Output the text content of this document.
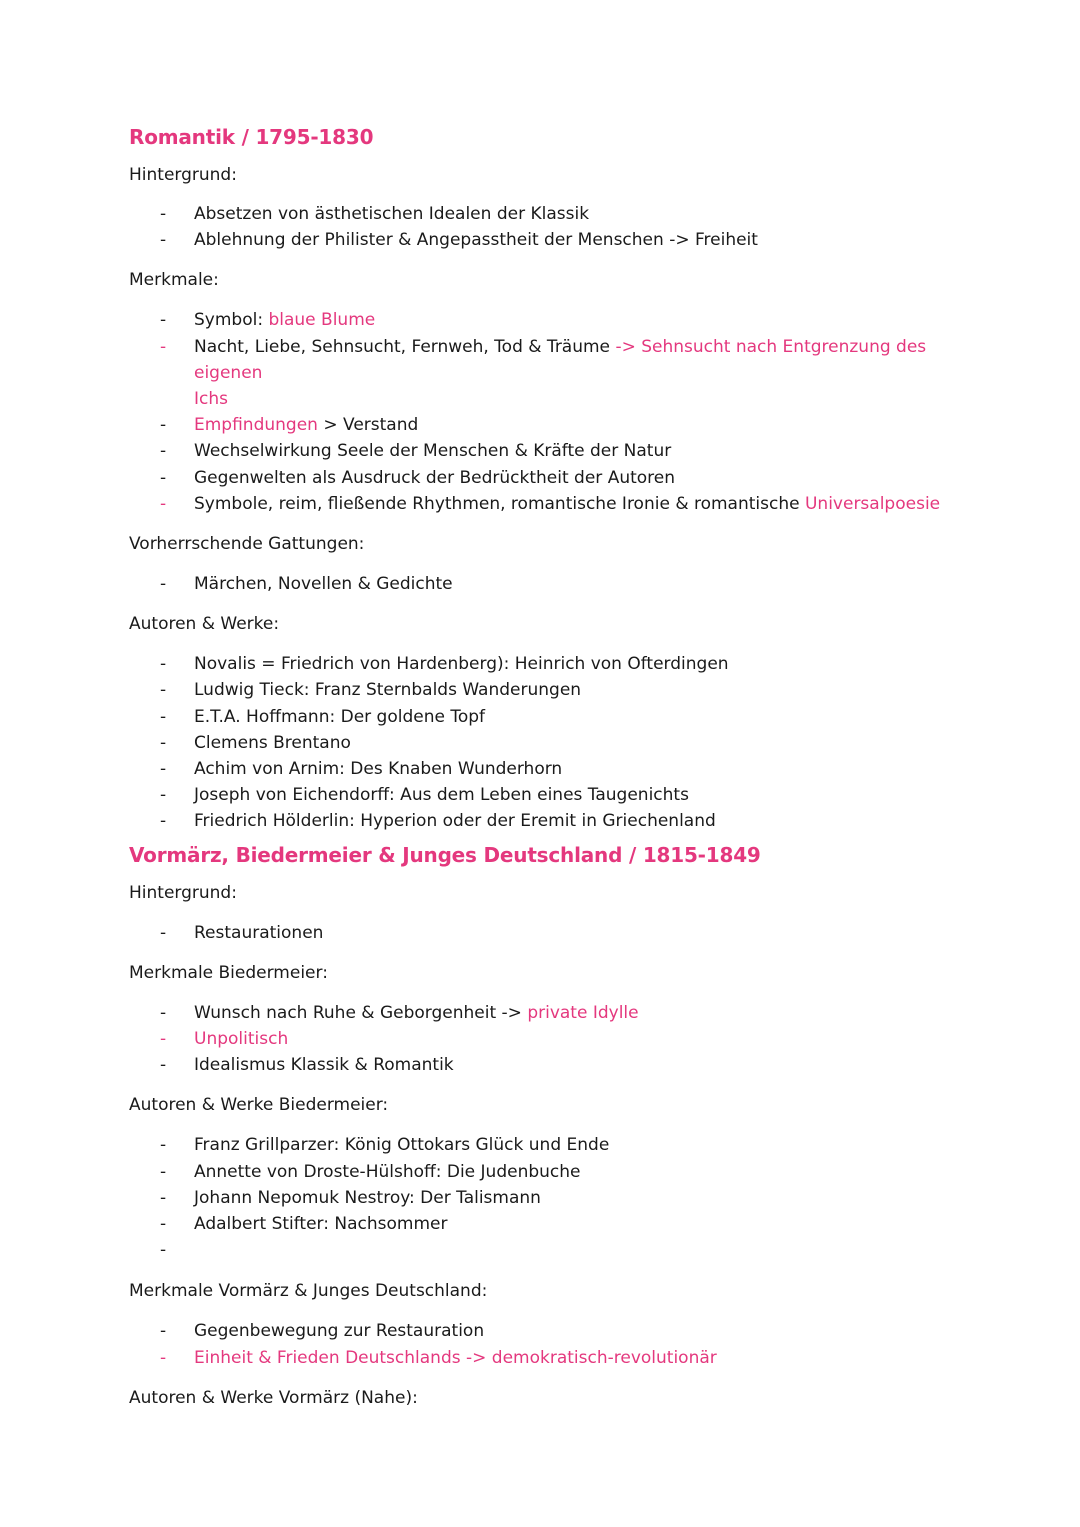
Romantik / 1795-1830

Hintergrund:

-	Absetzen von ästhetischen Idealen der Klassik
-	Ablehnung der Philister & Angepasstheit der Menschen -> Freiheit

Merkmale:

-	Symbol: blaue Blume
-	Nacht, Liebe, Sehnsucht, Fernweh, Tod & Träume -> Sehnsucht nach Entgrenzung des eigenen
Ichs
-	Empfindungen > Verstand
-	Wechselwirkung Seele der Menschen & Kräfte der Natur
-	Gegenwelten als Ausdruck der Bedrücktheit der Autoren
-	Symbole, reim, fließende Rhythmen, romantische Ironie & romantische Universalpoesie

Vorherrschende Gattungen:

-	Märchen, Novellen & Gedichte

Autoren & Werke:

-	Novalis = Friedrich von Hardenberg): Heinrich von Ofterdingen
-	Ludwig Tieck: Franz Sternbalds Wanderungen
-	E.T.A. Hoffmann: Der goldene Topf
-	Clemens Brentano
-	Achim von Arnim: Des Knaben Wunderhorn
-	Joseph von Eichendorff: Aus dem Leben eines Taugenichts
-	Friedrich Hölderlin: Hyperion oder der Eremit in Griechenland
Vormärz, Biedermeier & Junges Deutschland / 1815-1849

Hintergrund:

-	Restaurationen

Merkmale Biedermeier:

-	Wunsch nach Ruhe & Geborgenheit -> private Idylle
-	Unpolitisch
-	Idealismus Klassik & Romantik

Autoren & Werke Biedermeier:

-	Franz Grillparzer: König Ottokars Glück und Ende
-	Annette von Droste-Hülshoff: Die Judenbuche
-	Johann Nepomuk Nestroy: Der Talismann
-	Adalbert Stifter: Nachsommer
-

Merkmale Vormärz & Junges Deutschland:

-	Gegenbewegung zur Restauration
-	Einheit & Frieden Deutschlands -> demokratisch-revolutionär

Autoren & Werke Vormärz (Nahe):
